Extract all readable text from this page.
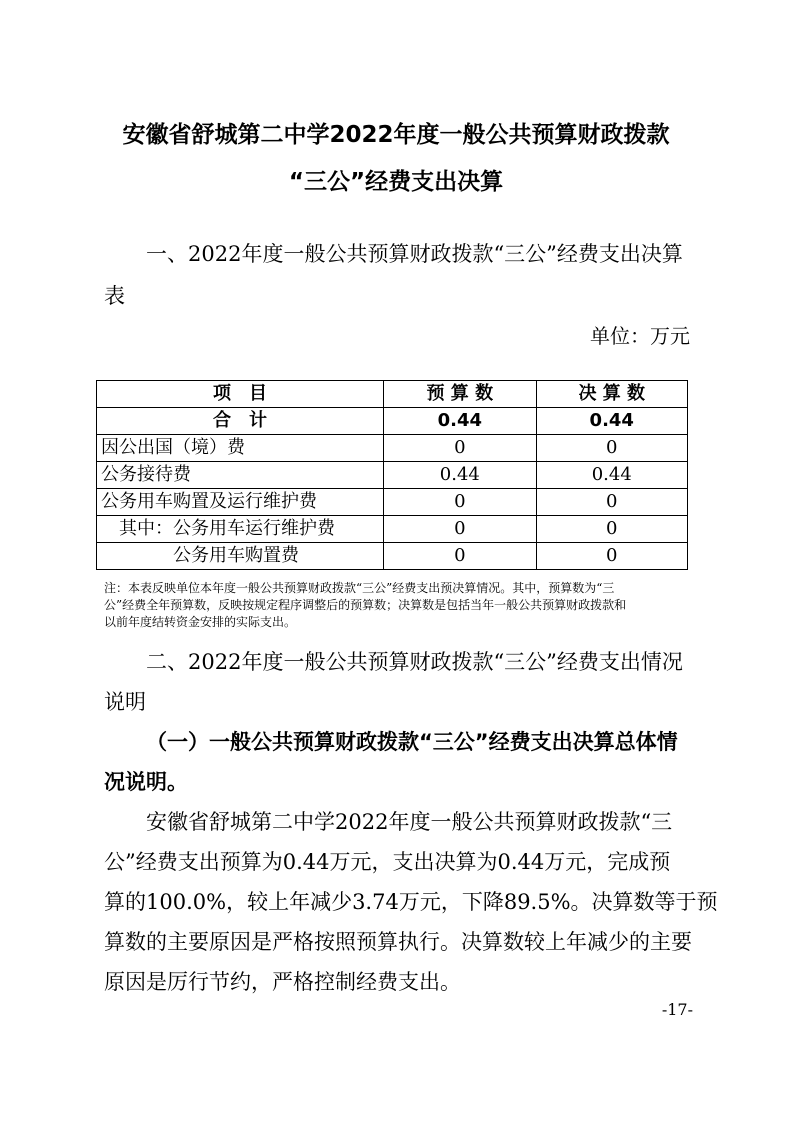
安徽省舒城第二中学2022年度一般公共预算财政拨款
“三公”经费支出决算
一、2022年度一般公共预算财政拨款“三公”经费支出决算
表
单位：万元
项　目	预 算 数	决 算 数
合　计	0.44	0.44
因公出国（境）费	0	0
公务接待费	0.44	0.44
公务用车购置及运行维护费	0	0
　其中：公务用车运行维护费	0	0
　　　　公务用车购置费	0	0
注：本表反映单位本年度一般公共预算财政拨款“三公”经费支出预决算情况。其中，预算数为“三
公”经费全年预算数，反映按规定程序调整后的预算数；决算数是包括当年一般公共预算财政拨款和
以前年度结转资金安排的实际支出。
二、2022年度一般公共预算财政拨款“三公”经费支出情况
说明
（一）一般公共预算财政拨款“三公”经费支出决算总体情
况说明。
安徽省舒城第二中学2022年度一般公共预算财政拨款“三
公”经费支出预算为0.44万元，支出决算为0.44万元，完成预
算的100.0%，较上年减少3.74万元，下降89.5%。决算数等于预
算数的主要原因是严格按照预算执行。决算数较上年减少的主要
原因是厉行节约，严格控制经费支出。
-17-
